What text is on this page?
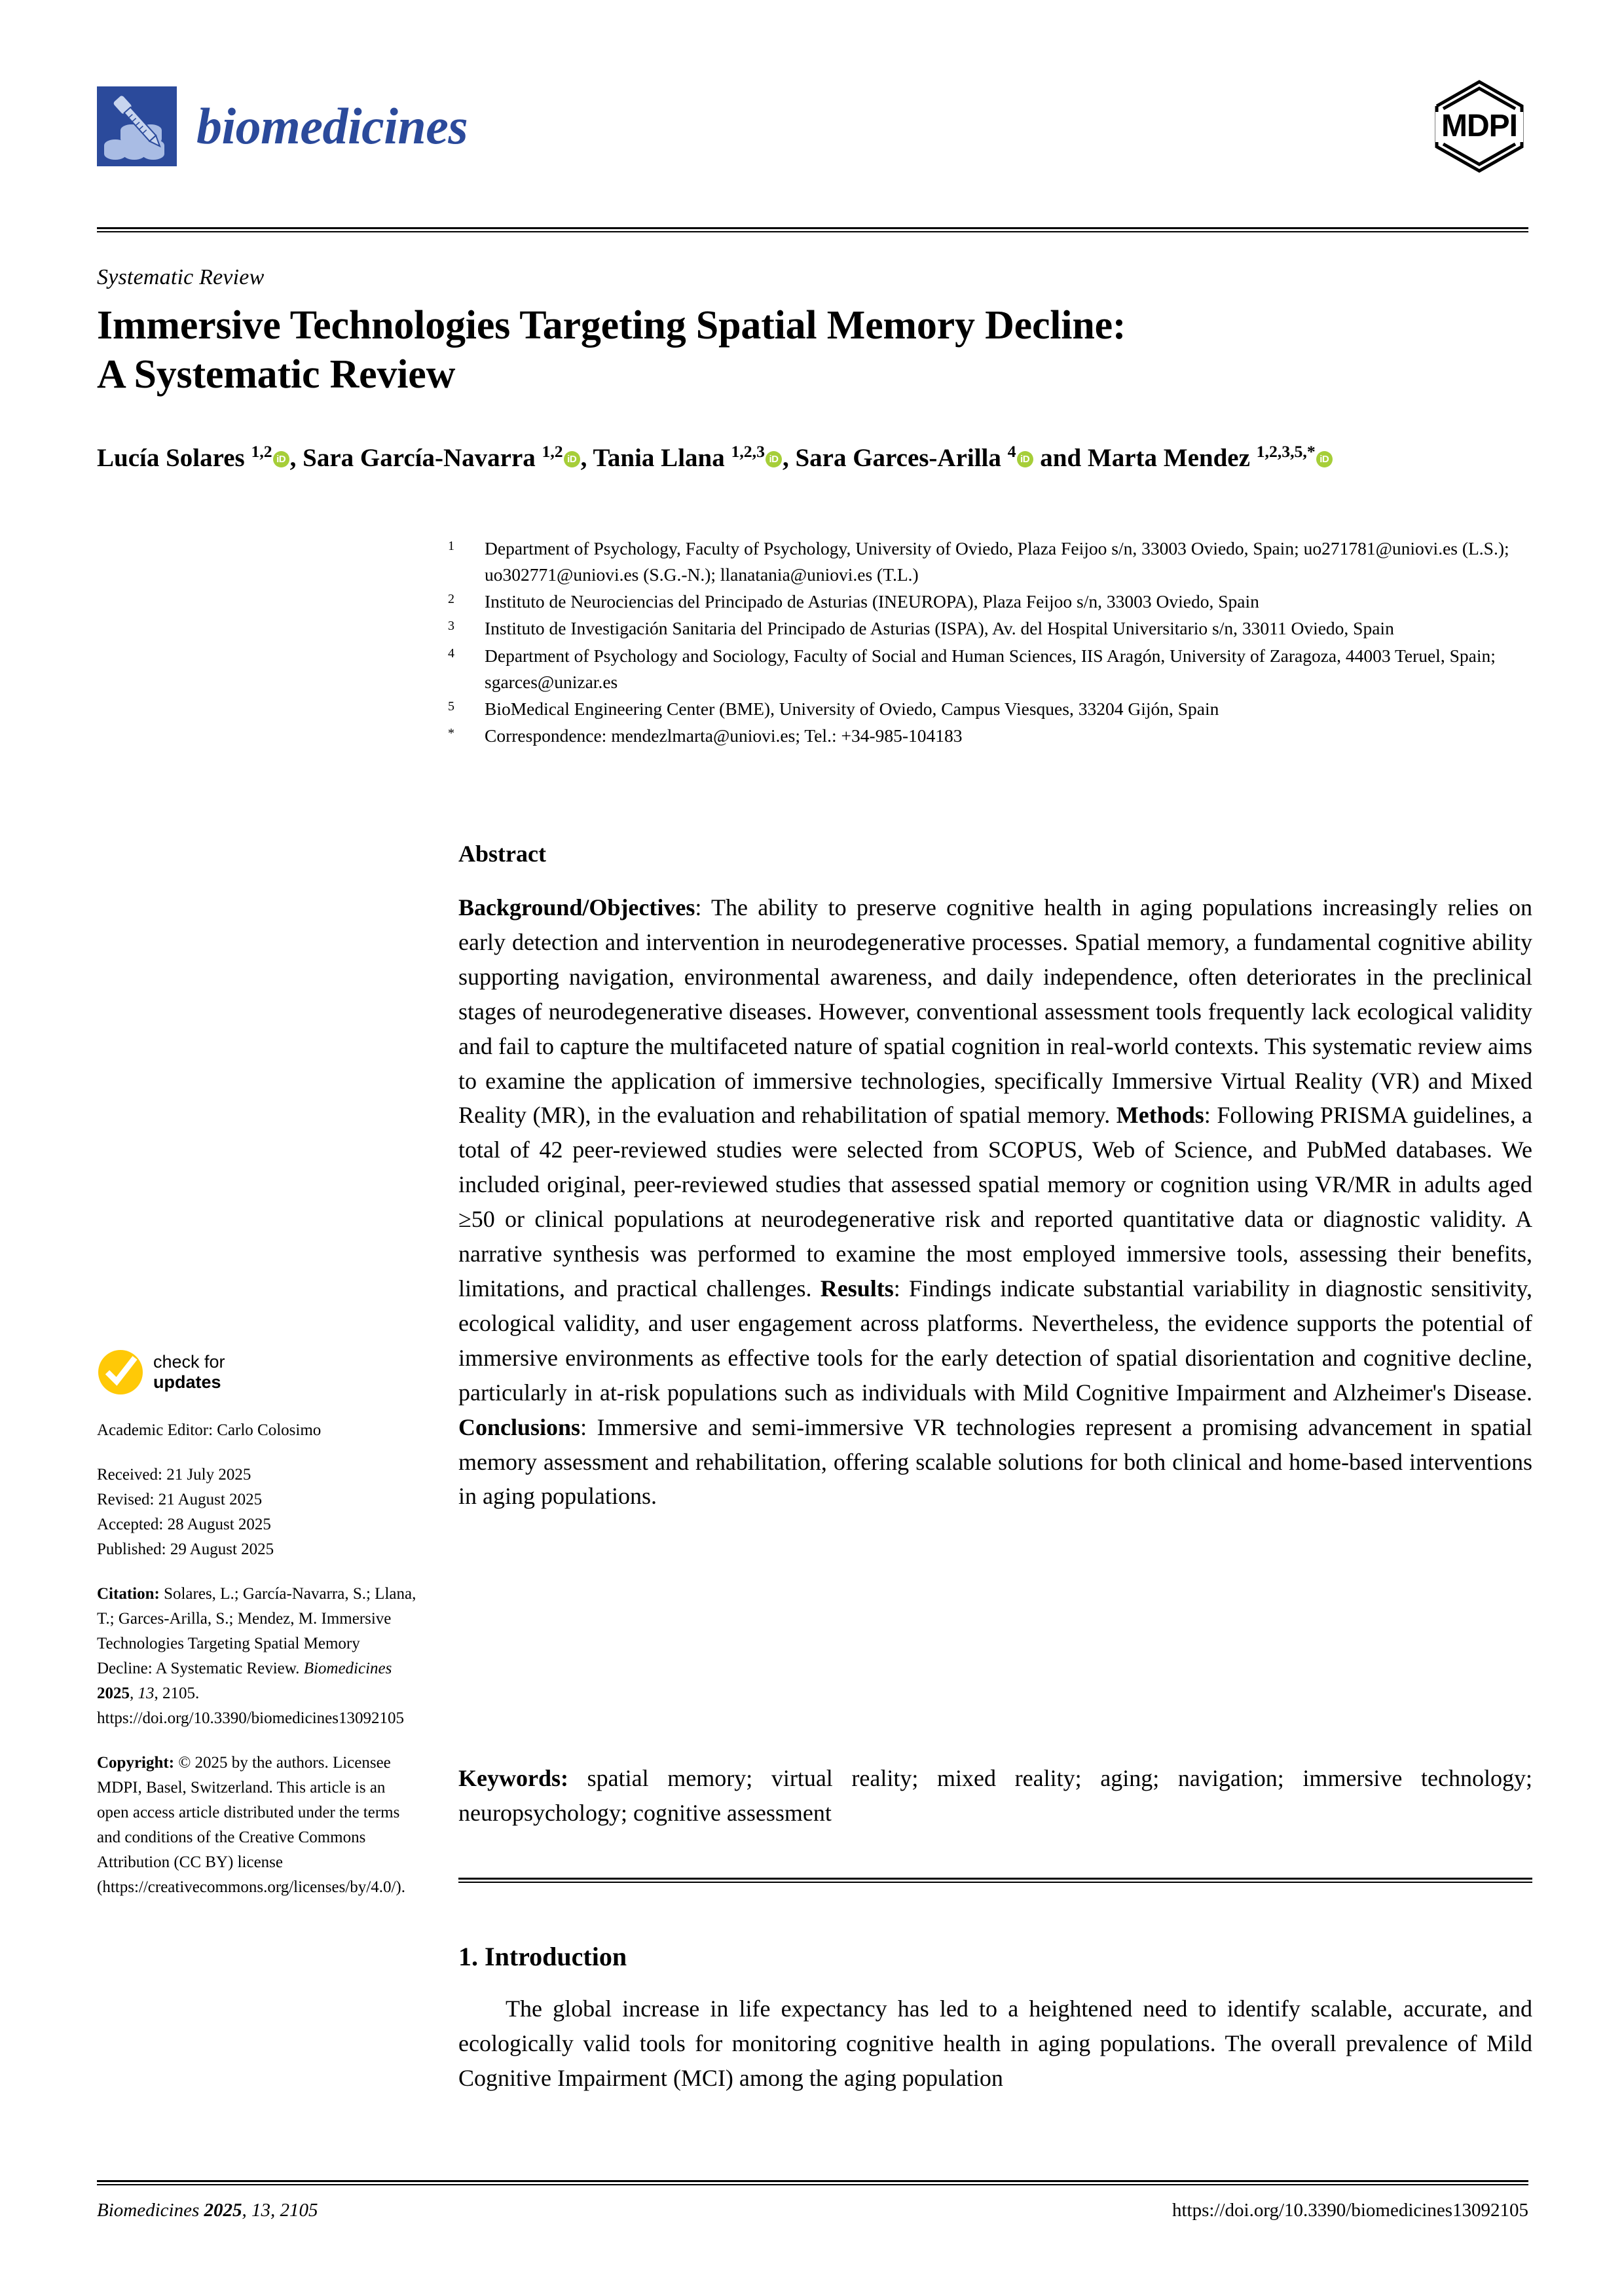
biomedicines	MDPI
Systematic Review
Immersive Technologies Targeting Spatial Memory Decline:
A Systematic Review
Lucía Solares $^{1,2}$ iD , Sara García-Navarra $^{1,2}$ iD , Tania Llana $^{1,2,3}$ iD , Sara Garces-Arilla $^4$ iD and Marta Mendez $^{1,2,3,5,*}$ iD
1	Department of Psychology, Faculty of Psychology, University of Oviedo, Plaza Feijoo s/n, 33003 Oviedo, Spain; uo271781@uniovi.es (L.S.); uo302771@uniovi.es (S.G.-N.); llanatania@uniovi.es (T.L.)
2	Instituto de Neurociencias del Principado de Asturias (INEUROPA), Plaza Feijoo s/n, 33003 Oviedo, Spain
3	Instituto de Investigación Sanitaria del Principado de Asturias (ISPA), Av. del Hospital Universitario s/n, 33011 Oviedo, Spain
4	Department of Psychology and Sociology, Faculty of Social and Human Sciences, IIS Aragón, University of Zaragoza, 44003 Teruel, Spain; sgarces@unizar.es
5	BioMedical Engineering Center (BME), University of Oviedo, Campus Viesques, 33204 Gijón, Spain
*	Correspondence: mendezlmarta@uniovi.es; Tel.: +34-985-104183
Abstract
Background/Objectives: The ability to preserve cognitive health in aging populations increasingly relies on early detection and intervention in neurodegenerative processes. Spatial memory, a fundamental cognitive ability supporting navigation, environmental awareness, and daily independence, often deteriorates in the preclinical stages of neurodegenerative diseases. However, conventional assessment tools frequently lack ecological validity and fail to capture the multifaceted nature of spatial cognition in real-world contexts. This systematic review aims to examine the application of immersive technologies, specifically Immersive Virtual Reality (VR) and Mixed Reality (MR), in the evaluation and rehabilitation of spatial memory. Methods: Following PRISMA guidelines, a total of 42 peer-reviewed studies were selected from SCOPUS, Web of Science, and PubMed databases. We included original, peer-reviewed studies that assessed spatial memory or cognition using VR/MR in adults aged ≥50 or clinical populations at neurodegenerative risk and reported quantitative data or diagnostic validity. A narrative synthesis was performed to examine the most employed immersive tools, assessing their benefits, limitations, and practical challenges. Results: Findings indicate substantial variability in diagnostic sensitivity, ecological validity, and user engagement across platforms. Nevertheless, the evidence supports the potential of immersive environments as effective tools for the early detection of spatial disorientation and cognitive decline, particularly in at-risk populations such as individuals with Mild Cognitive Impairment and Alzheimer's Disease. Conclusions: Immersive and semi-immersive VR technologies represent a promising advancement in spatial memory assessment and rehabilitation, offering scalable solutions for both clinical and home-based interventions in aging populations.
Keywords: spatial memory; virtual reality; mixed reality; aging; navigation; immersive technology; neuropsychology; cognitive assessment
1. Introduction
The global increase in life expectancy has led to a heightened need to identify scalable, accurate, and ecologically valid tools for monitoring cognitive health in aging populations. The overall prevalence of Mild Cognitive Impairment (MCI) among the aging population
check for
updates
Academic Editor: Carlo Colosimo
Received: 21 July 2025
Revised: 21 August 2025
Accepted: 28 August 2025
Published: 29 August 2025
Citation: Solares, L.; García-Navarra, S.; Llana, T.; Garces-Arilla, S.; Mendez, M. Immersive Technologies Targeting Spatial Memory Decline: A Systematic Review. Biomedicines 2025, 13, 2105. https://doi.org/10.3390/biomedicines13092105
Copyright: © 2025 by the authors. Licensee MDPI, Basel, Switzerland. This article is an open access article distributed under the terms and conditions of the Creative Commons Attribution (CC BY) license (https://creativecommons.org/licenses/by/4.0/).
Biomedicines 2025, 13, 2105	https://doi.org/10.3390/biomedicines13092105
